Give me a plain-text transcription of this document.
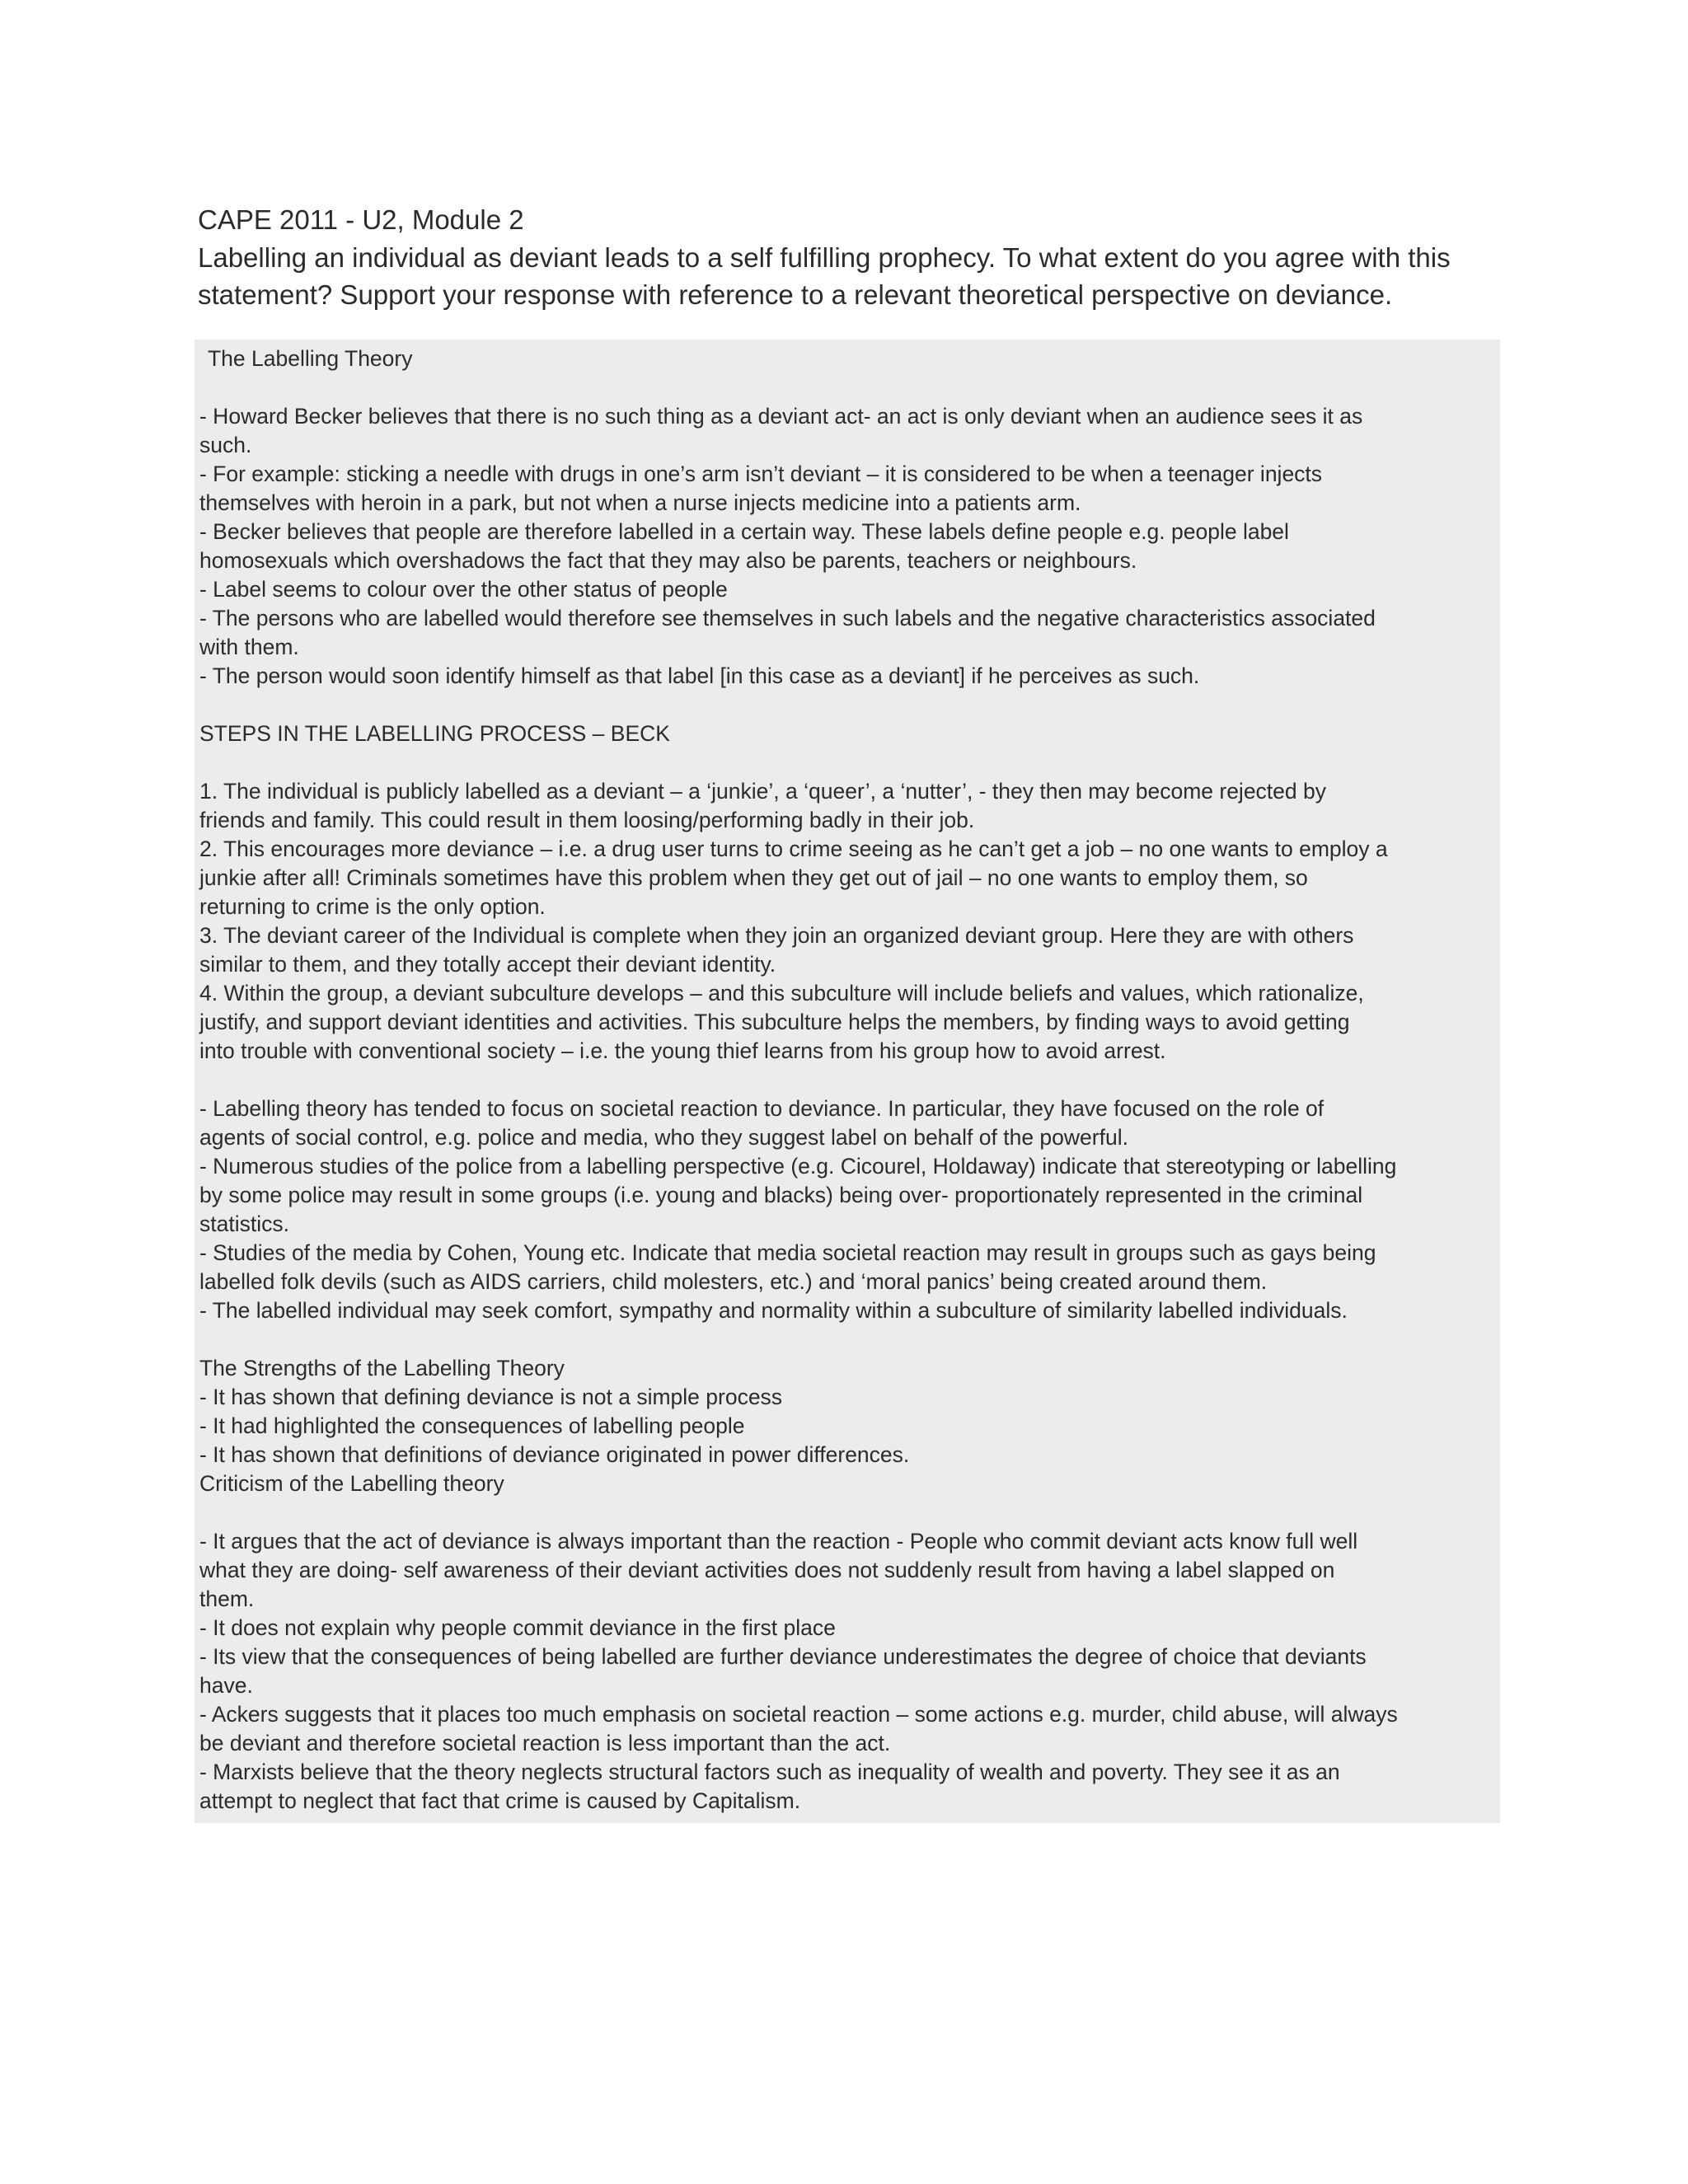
CAPE 2011 - U2, Module 2

Labelling an individual as deviant leads to a self fulfilling prophecy. To what extent do you agree with this
statement? Support your response with reference to a relevant theoretical perspective on deviance.

The Labelling Theory
- Howard Becker believes that there is no such thing as a deviant act- an act is only deviant when an audience sees it as
such.
- For example: sticking a needle with drugs in one’s arm isn’t deviant – it is considered to be when a teenager injects
themselves with heroin in a park, but not when a nurse injects medicine into a patients arm.
- Becker believes that people are therefore labelled in a certain way. These labels define people e.g. people label
homosexuals which overshadows the fact that they may also be parents, teachers or neighbours.
- Label seems to colour over the other status of people
- The persons who are labelled would therefore see themselves in such labels and the negative characteristics associated
with them.
- The person would soon identify himself as that label [in this case as a deviant] if he perceives as such.
STEPS IN THE LABELLING PROCESS – BECK
1. The individual is publicly labelled as a deviant – a ‘junkie’, a ‘queer’, a ‘nutter’, - they then may become rejected by
friends and family. This could result in them loosing/performing badly in their job.
2. This encourages more deviance – i.e. a drug user turns to crime seeing as he can’t get a job – no one wants to employ a
junkie after all! Criminals sometimes have this problem when they get out of jail – no one wants to employ them, so
returning to crime is the only option.
3. The deviant career of the Individual is complete when they join an organized deviant group. Here they are with others
similar to them, and they totally accept their deviant identity.
4. Within the group, a deviant subculture develops – and this subculture will include beliefs and values, which rationalize,
justify, and support deviant identities and activities. This subculture helps the members, by finding ways to avoid getting
into trouble with conventional society – i.e. the young thief learns from his group how to avoid arrest.
- Labelling theory has tended to focus on societal reaction to deviance. In particular, they have focused on the role of
agents of social control, e.g. police and media, who they suggest label on behalf of the powerful.
- Numerous studies of the police from a labelling perspective (e.g. Cicourel, Holdaway) indicate that stereotyping or labelling
by some police may result in some groups (i.e. young and blacks) being over- proportionately represented in the criminal
statistics.
- Studies of the media by Cohen, Young etc. Indicate that media societal reaction may result in groups such as gays being
labelled folk devils (such as AIDS carriers, child molesters, etc.) and ‘moral panics’ being created around them.
- The labelled individual may seek comfort, sympathy and normality within a subculture of similarity labelled individuals.
The Strengths of the Labelling Theory
- It has shown that defining deviance is not a simple process
- It had highlighted the consequences of labelling people
- It has shown that definitions of deviance originated in power differences.
Criticism of the Labelling theory
- It argues that the act of deviance is always important than the reaction - People who commit deviant acts know full well
what they are doing- self awareness of their deviant activities does not suddenly result from having a label slapped on
them.
- It does not explain why people commit deviance in the first place
- Its view that the consequences of being labelled are further deviance underestimates the degree of choice that deviants
have.
- Ackers suggests that it places too much emphasis on societal reaction – some actions e.g. murder, child abuse, will always
be deviant and therefore societal reaction is less important than the act.
- Marxists believe that the theory neglects structural factors such as inequality of wealth and poverty. They see it as an
attempt to neglect that fact that crime is caused by Capitalism.
